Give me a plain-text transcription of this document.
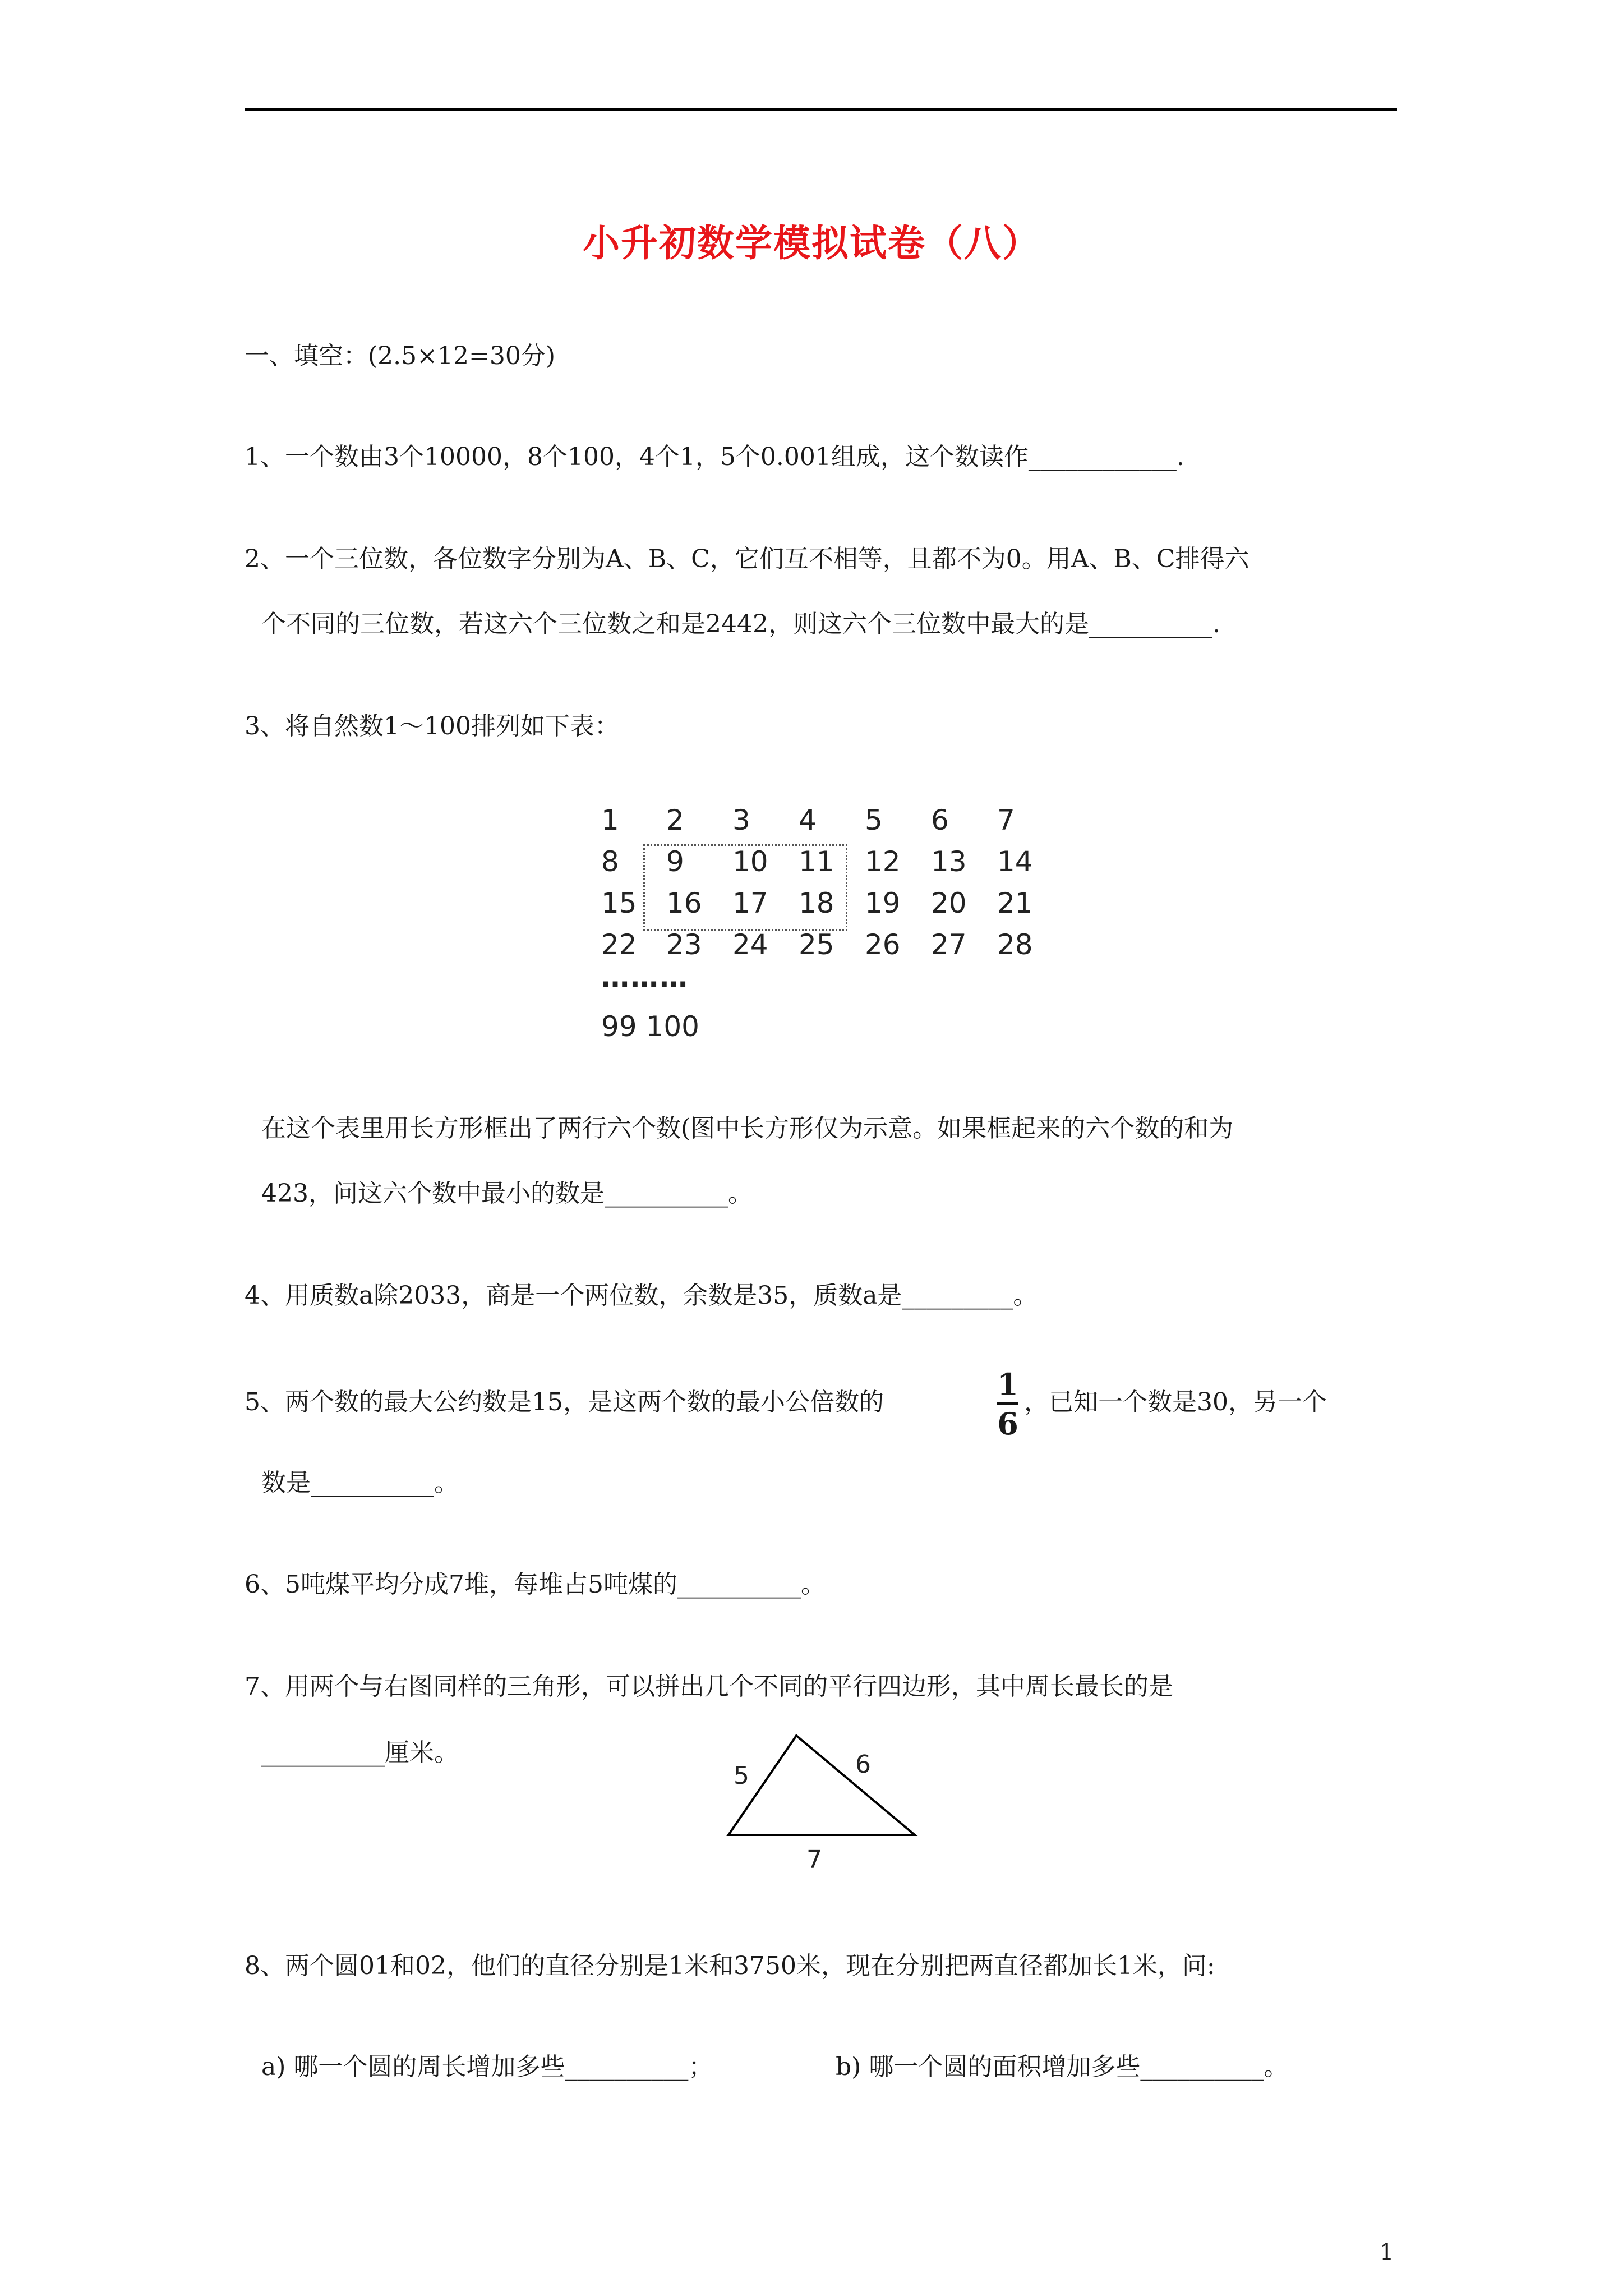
小升初数学模拟试卷（八）
一、填空：(2.5×12=30分)
1、一个数由3个10000，8个100，4个1，5个0.001组成，这个数读作____________.
2、一个三位数，各位数字分别为A、B、C，它们互不相等，且都不为0。用A、B、C排得六
个不同的三位数，若这六个三位数之和是2442，则这六个三位数中最大的是__________.
3、将自然数1～100排列如下表：
1 2 3 4 5 6 7
8 9 10 11 12 13 14
15 16 17 18 19 20 21
22 23 24 25 26 27 28
………
99 100
在这个表里用长方形框出了两行六个数(图中长方形仅为示意。如果框起来的六个数的和为
423，问这六个数中最小的数是__________。
4、用质数a除2033，商是一个两位数，余数是35，质数a是_________。
5、两个数的最大公约数是15，是这两个数的最小公倍数的	1
6
，已知一个数是30，另一个
数是__________。
6、5吨煤平均分成7堆，每堆占5吨煤的__________。
7、用两个与右图同样的三角形，可以拼出几个不同的平行四边形，其中周长最长的是
__________厘米。
5	6
7
8、两个圆01和02，他们的直径分别是1米和3750米，现在分别把两直径都加长1米，问:
a) 哪一个圆的周长增加多些__________；	b) 哪一个圆的面积增加多些__________。
1
